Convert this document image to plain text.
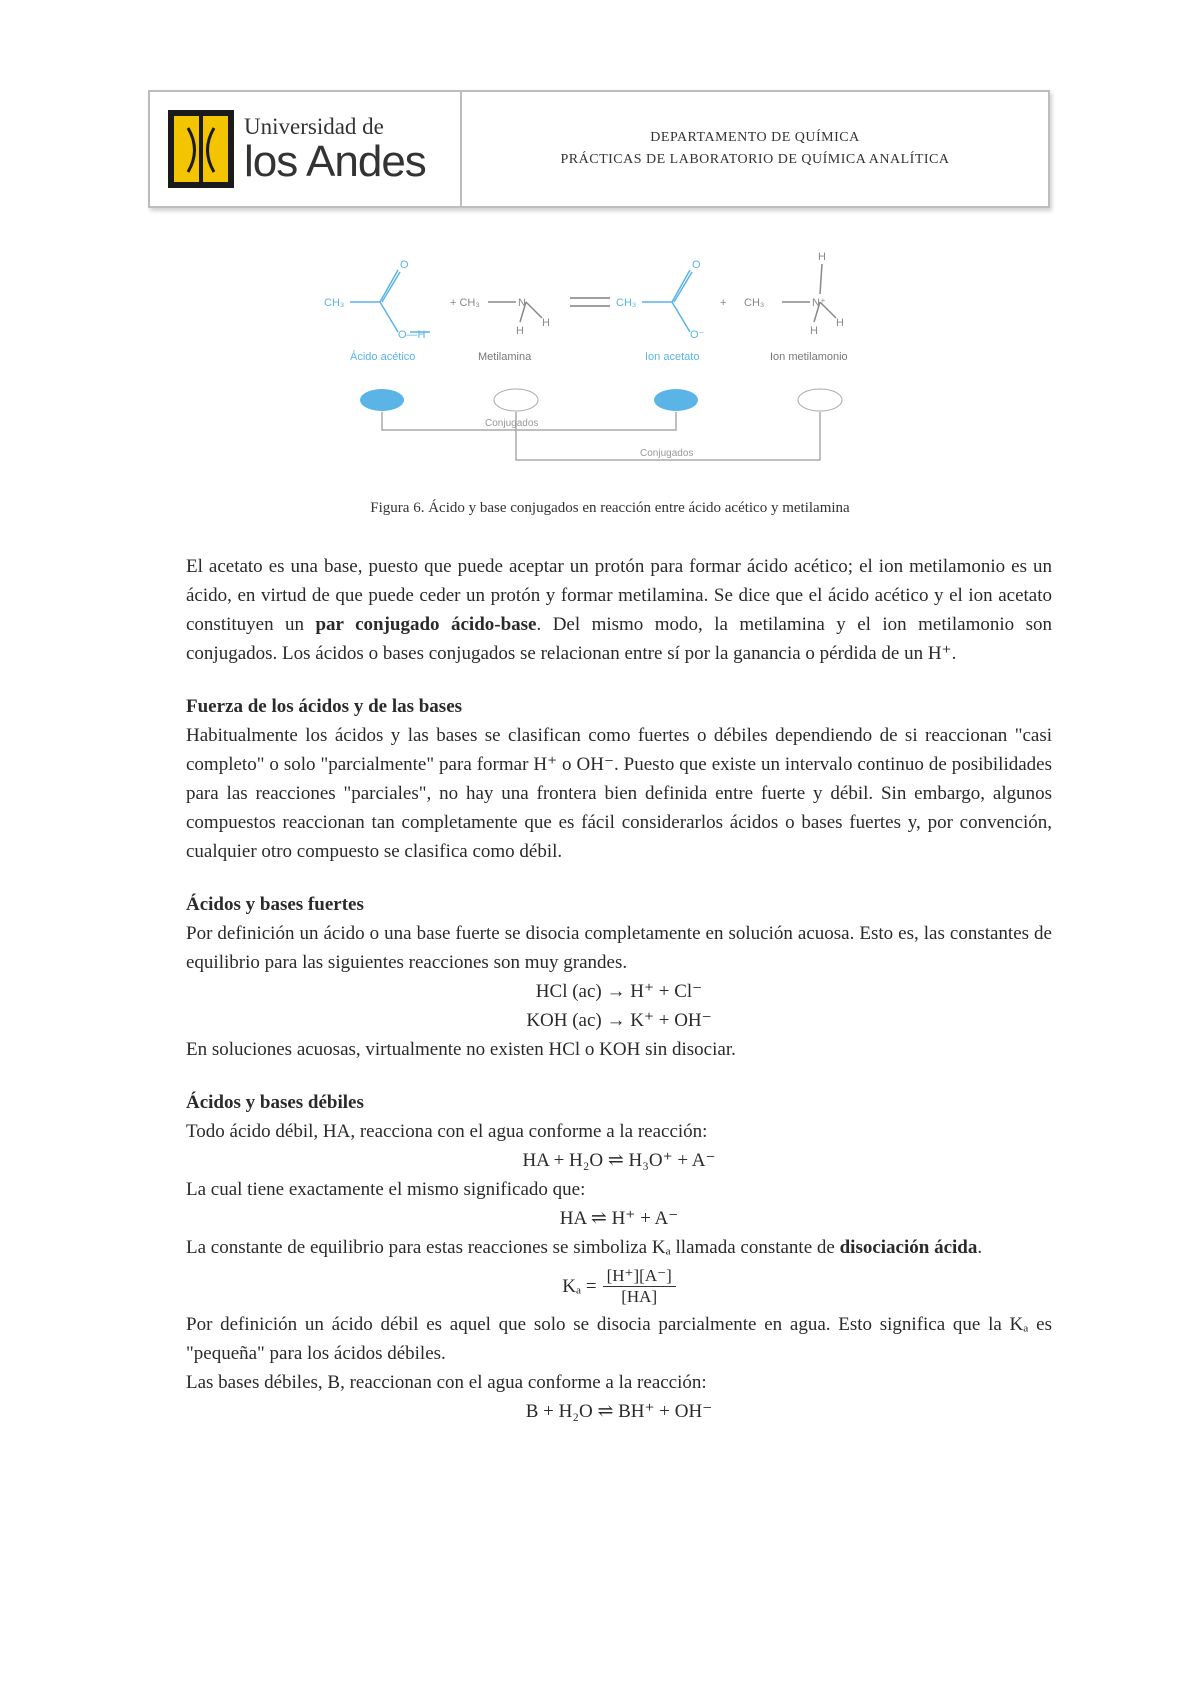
Universidad de
los Andes	DEPARTAMENTO DE QUÍMICA
PRÁCTICAS DE LABORATORIO DE QUÍMICA ANALÍTICA
CH₃
O
O—H
+ CH₃	N
H
H
CH₃
O
O⁻
+ CH₃	N⁺
H
H
H
Ácido acético	Metilamina	Ion acetato	Ion metilamonio
Conjugados
Conjugados
Figura 6. Ácido y base conjugados en reacción entre ácido acético y metilamina

El acetato es una base, puesto que puede aceptar un protón para formar ácido acético; el ion metilamonio es un ácido, en virtud de que puede ceder un protón y formar metilamina. Se dice que el ácido acético y el ion acetato constituyen un par conjugado ácido-base. Del mismo modo, la metilamina y el ion metilamonio son conjugados. Los ácidos o bases conjugados se relacionan entre sí por la ganancia o pérdida de un H⁺.

Fuerza de los ácidos y de las bases

Habitualmente los ácidos y las bases se clasifican como fuertes o débiles dependiendo de si reaccionan "casi completo" o solo "parcialmente" para formar H⁺ o OH⁻. Puesto que existe un intervalo continuo de posibilidades para las reacciones "parciales", no hay una frontera bien definida entre fuerte y débil. Sin embargo, algunos compuestos reaccionan tan completamente que es fácil considerarlos ácidos o bases fuertes y, por convención, cualquier otro compuesto se clasifica como débil.

Ácidos y bases fuertes

Por definición un ácido o una base fuerte se disocia completamente en solución acuosa. Esto es, las constantes de equilibrio para las siguientes reacciones son muy grandes.

HCl (ac) → H⁺ + Cl⁻

KOH (ac) → K⁺ + OH⁻

En soluciones acuosas, virtualmente no existen HCl o KOH sin disociar.

Ácidos y bases débiles

Todo ácido débil, HA, reacciona con el agua conforme a la reacción:

HA + H₂O ⇌ H₃O⁺ + A⁻

La cual tiene exactamente el mismo significado que:

HA ⇌ H⁺ + A⁻

La constante de equilibrio para estas reacciones se simboliza Kₐ llamada constante de disociación ácida.

$K_a = \frac{[H^+][A^-]}{[HA]}$

Por definición un ácido débil es aquel que solo se disocia parcialmente en agua. Esto significa que la Kₐ es "pequeña" para los ácidos débiles.

Las bases débiles, B, reaccionan con el agua conforme a la reacción:

B + H₂O ⇌ BH⁺ + OH⁻
